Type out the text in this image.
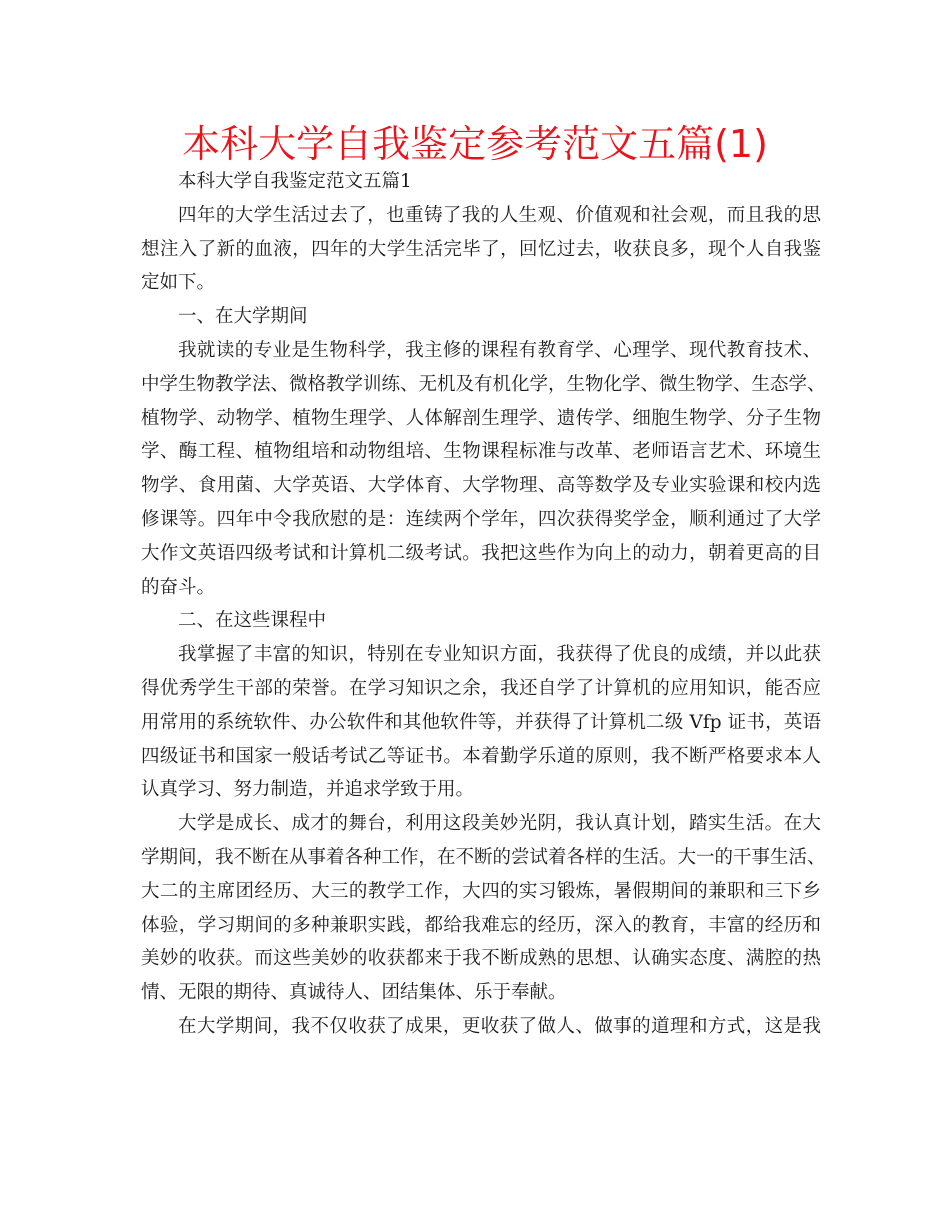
本科大学自我鉴定参考范文五篇(1)
本科大学自我鉴定范文五篇1
四年的大学生活过去了，也重铸了我的人生观、价值观和社会观，而且我的思
想注入了新的血液，四年的大学生活完毕了，回忆过去，收获良多，现个人自我鉴
定如下。
一、在大学期间
我就读的专业是生物科学，我主修的课程有教育学、心理学、现代教育技术、
中学生物教学法、微格教学训练、无机及有机化学，生物化学、微生物学、生态学、
植物学、动物学、植物生理学、人体解剖生理学、遗传学、细胞生物学、分子生物
学、酶工程、植物组培和动物组培、生物课程标准与改革、老师语言艺术、环境生
物学、食用菌、大学英语、大学体育、大学物理、高等数学及专业实验课和校内选
修课等。四年中令我欣慰的是：连续两个学年，四次获得奖学金，顺利通过了大学
大作文英语四级考试和计算机二级考试。我把这些作为向上的动力，朝着更高的目
的奋斗。
二、在这些课程中
我掌握了丰富的知识，特别在专业知识方面，我获得了优良的成绩，并以此获
得优秀学生干部的荣誉。在学习知识之余，我还自学了计算机的应用知识，能否应
用常用的系统软件、办公软件和其他软件等，并获得了计算机二级 Vfp 证书，英语
四级证书和国家一般话考试乙等证书。本着勤学乐道的原则，我不断严格要求本人
认真学习、努力制造，并追求学致于用。
大学是成长、成才的舞台，利用这段美妙光阴，我认真计划，踏实生活。在大
学期间，我不断在从事着各种工作，在不断的尝试着各样的生活。大一的干事生活、
大二的主席团经历、大三的教学工作，大四的实习锻炼，暑假期间的兼职和三下乡
体验，学习期间的多种兼职实践，都给我难忘的经历，深入的教育，丰富的经历和
美妙的收获。而这些美妙的收获都来于我不断成熟的思想、认确实态度、满腔的热
情、无限的期待、真诚待人、团结集体、乐于奉献。
在大学期间，我不仅收获了成果，更收获了做人、做事的道理和方式，这是我
